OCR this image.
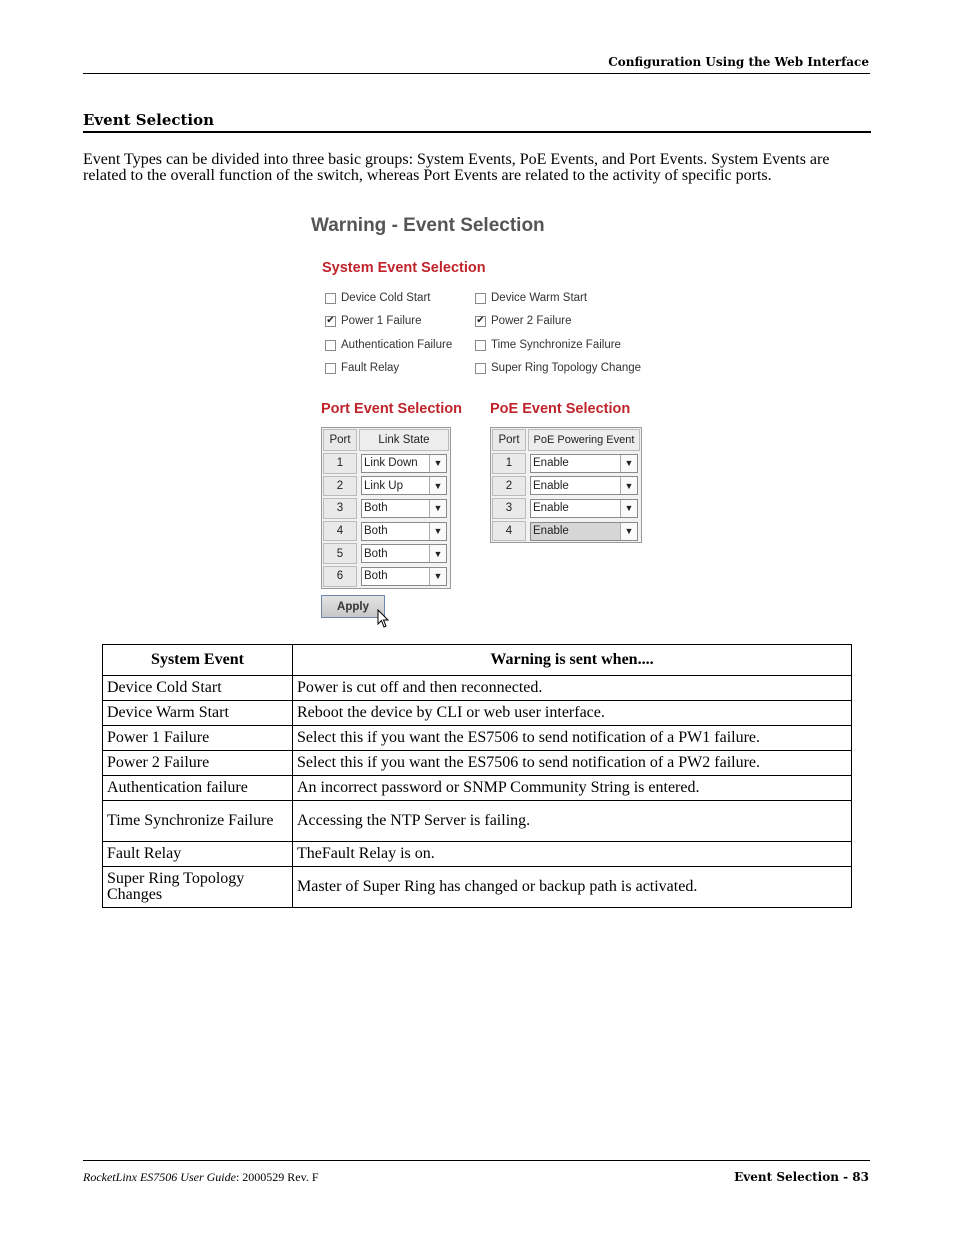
Configuration Using the Web Interface
Event Selection
Event Types can be divided into three basic groups: System Events, PoE Events, and Port Events. System Events are related to the overall function of the switch, whereas Port Events are related to the activity of specific ports.
Warning - Event Selection
System Event Selection
Device Cold Start	Device Warm Start
✔ Power 1 Failure	✔ Power 2 Failure
Authentication Failure	Time Synchronize Failure
Fault Relay	Super Ring Topology Change
Port Event Selection PoE Event Selection
Port	Link State
1	Link Down	▼
2	Link Up	▼
3	Both	▼
4	Both	▼
5	Both	▼
6	Both	▼
Port	PoE Powering Event
1	Enable	▼
2	Enable	▼
3	Enable	▼
4	Enable	▼
Apply
System Event	Warning is sent when....
Device Cold Start	Power is cut off and then reconnected.
Device Warm Start	Reboot the device by CLI or web user interface.
Power 1 Failure	Select this if you want the ES7506 to send notification of a PW1 failure.
Power 2 Failure	Select this if you want the ES7506 to send notification of a PW2 failure.
Authentication failure	An incorrect password or SNMP Community String is entered.
Time Synchronize Failure	Accessing the NTP Server is failing.
Fault Relay	TheFault Relay is on.
Super Ring Topology Changes	Master of Super Ring has changed or backup path is activated.
RocketLinx ES7506 User Guide: 2000529 Rev. F	Event Selection - 83
